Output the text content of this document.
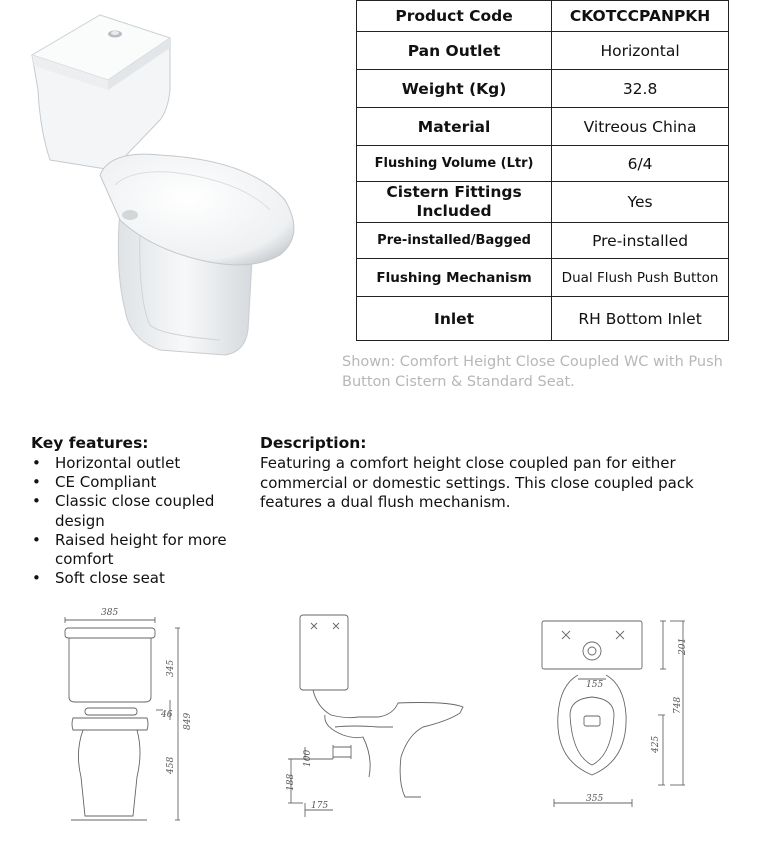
Product Code	CKOTCCPANPKH
Pan Outlet	Horizontal
Weight (Kg)	32.8
Material	Vitreous China
Flushing Volume (Ltr)	6/4
Cistern Fittings Included	Yes
Pre-installed/Bagged	Pre-installed
Flushing Mechanism	Dual Flush Push Button
Inlet	RH Bottom Inlet
Shown: Comfort Height Close Coupled WC with Push Button Cistern & Standard Seat.
Key features:
• Horizontal outlet
• CE Compliant
• Classic close coupled design
• Raised height for more comfort
• Soft close seat
Description:
Featuring a comfort height close coupled pan for either commercial or domestic settings. This close coupled pack features a dual flush mechanism.
385
345
46 849
458	100
188
175
201
155
748
425
355
